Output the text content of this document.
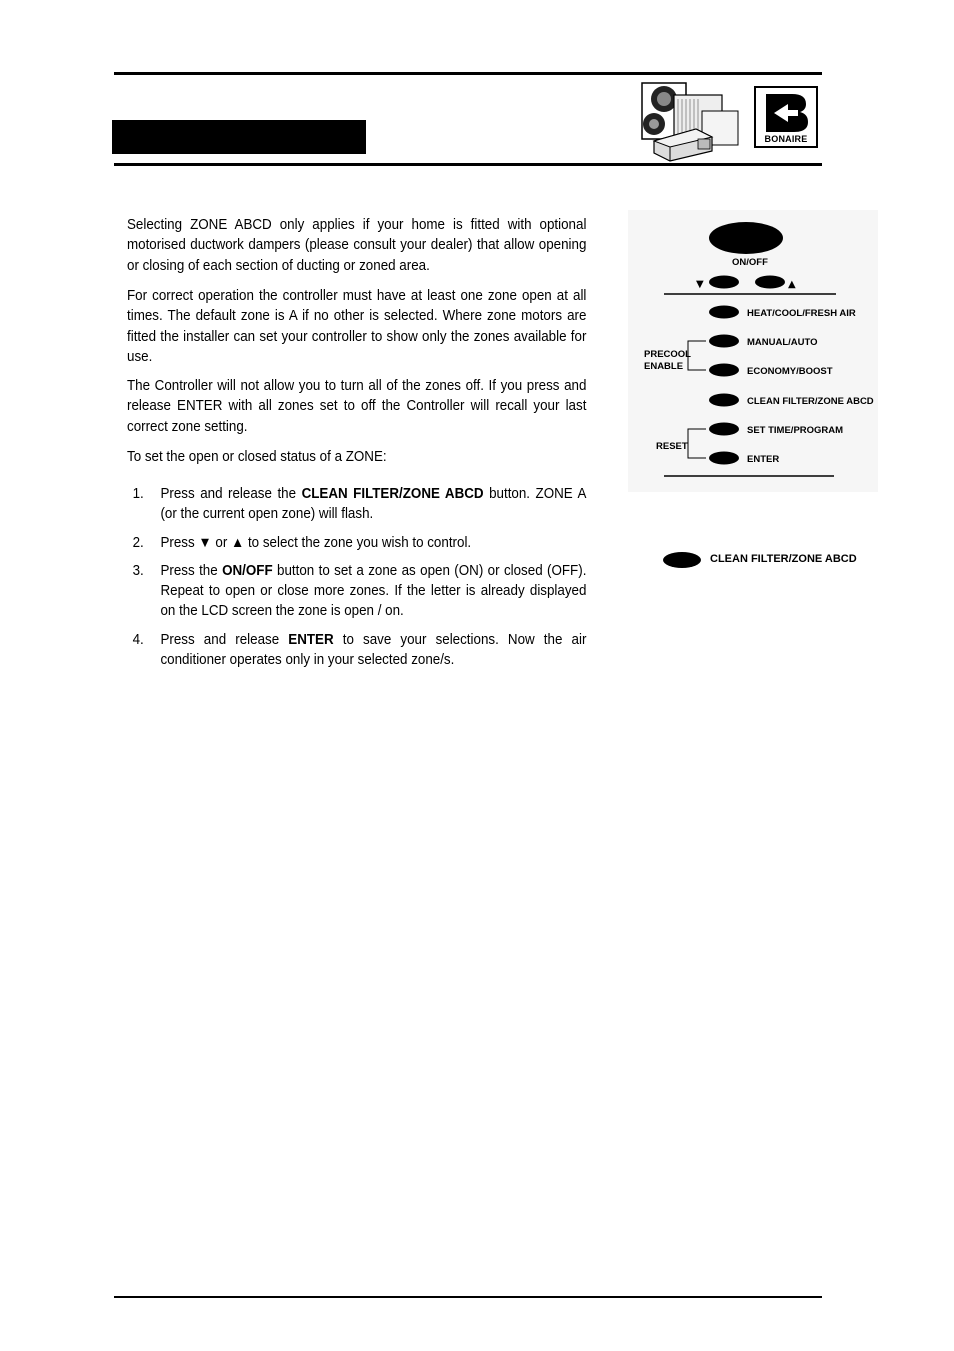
BONAIRE

Selecting ZONE ABCD only applies if your home is fitted with optional motorised ductwork dampers (please consult your dealer) that allow opening or closing of each section of ducting or zoned area.

For correct operation the controller must have at least one zone open at all times. The default zone is A if no other is selected. Where zone motors are fitted the installer can set your controller to show only the zones available for use.

The Controller will not allow you to turn all of the zones off. If you press and release ENTER with all zones set to off the Controller will recall your last correct zone setting.

To set the open or closed status of a ZONE:

1.	Press and release the CLEAN FILTER/ZONE ABCD button. ZONE A (or the current open zone) will flash.
2.	Press ▼ or ▲ to select the zone you wish to control.
3.	Press the ON/OFF button to set a zone as open (ON) or closed (OFF). Repeat to open or close more zones. If the letter is already displayed on the LCD screen the zone is open / on.
4.	Press and release ENTER to save your selections. Now the air conditioner operates only in your selected zone/s.
ON/OFF
▼	▲
HEAT/COOL/FRESH AIR
MANUAL/AUTO
ECONOMY/BOOST
CLEAN FILTER/ZONE ABCD
SET TIME/PROGRAM
ENTER
PRECOOL
ENABLE
RESET
CLEAN FILTER/ZONE ABCD
